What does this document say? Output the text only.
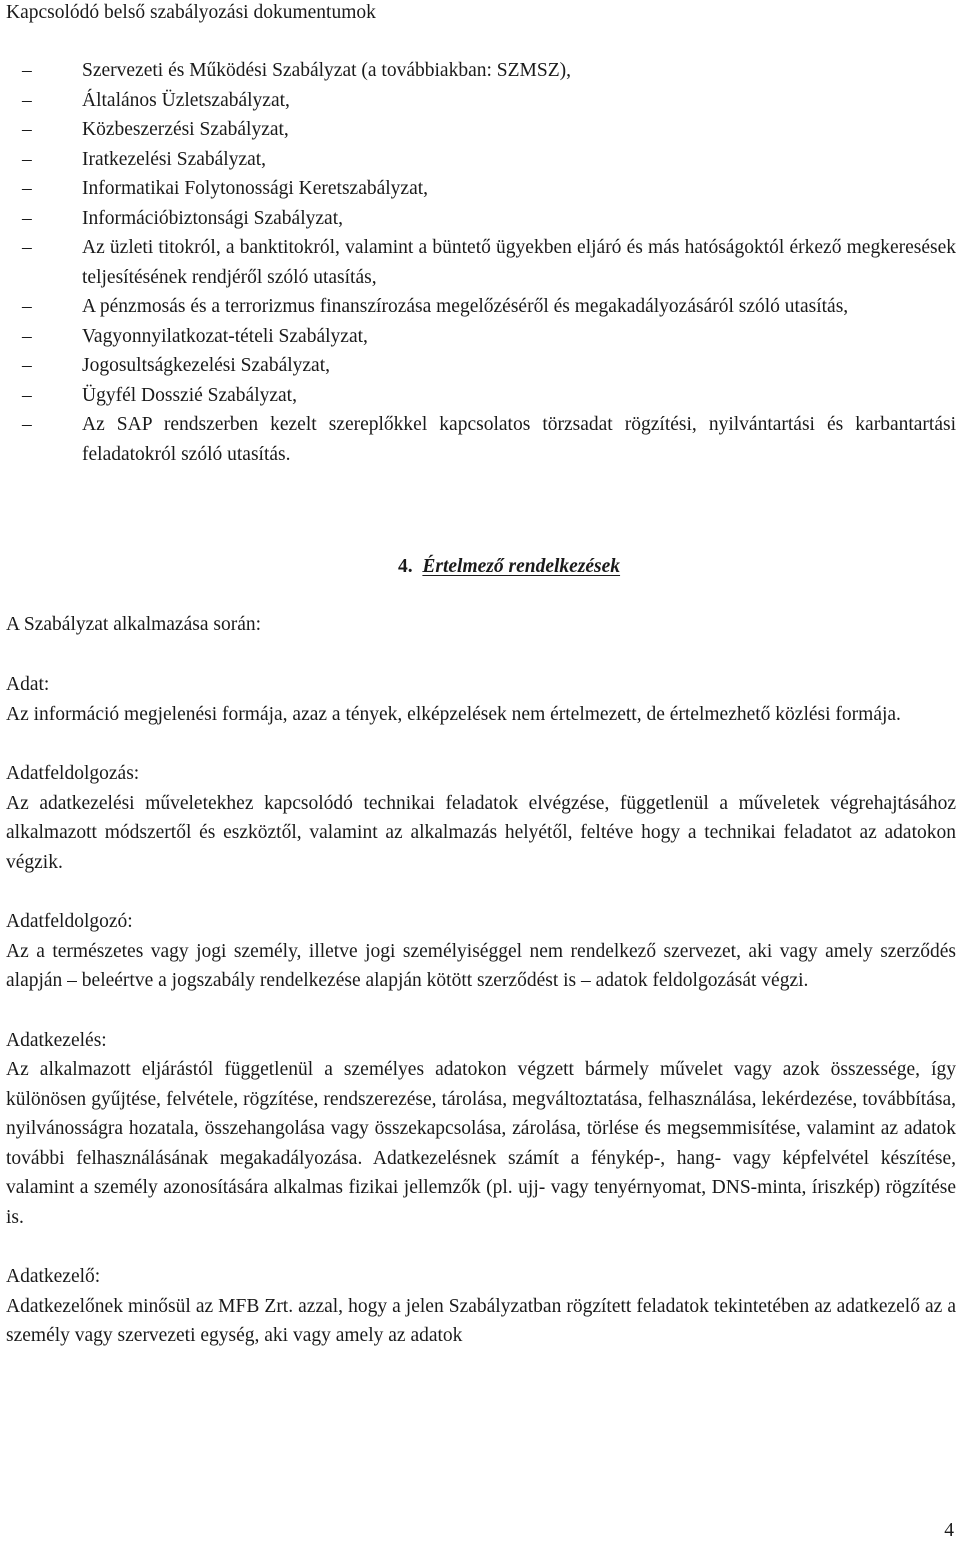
Kapcsolódó belső szabályozási dokumentumok
–	Szervezeti és Működési Szabályzat (a továbbiakban: SZMSZ),
–	Általános Üzletszabályzat,
–	Közbeszerzési Szabályzat,
–	Iratkezelési Szabályzat,
–	Informatikai Folytonossági Keretszabályzat,
–	Információbiztonsági Szabályzat,
–	Az üzleti titokról, a banktitokról, valamint a büntető ügyekben eljáró és más hatóságoktól érkező megkeresések teljesítésének rendjéről szóló utasítás,
–	A pénzmosás és a terrorizmus finanszírozása megelőzéséről és megakadályozásáról szóló utasítás,
–	Vagyonnyilatkozat-tételi Szabályzat,
–	Jogosultságkezelési Szabályzat,
–	Ügyfél Dosszié Szabályzat,
–	Az SAP rendszerben kezelt szereplőkkel kapcsolatos törzsadat rögzítési, nyilvántartási és karbantartási feladatokról szóló utasítás.
4. Értelmező rendelkezések

A Szabályzat alkalmazása során:

Adat:
Az információ megjelenési formája, azaz a tények, elképzelések nem értelmezett, de értelmezhető közlési formája.
Adatfeldolgozás:
Az adatkezelési műveletekhez kapcsolódó technikai feladatok elvégzése, függetlenül a műveletek végrehajtásához alkalmazott módszertől és eszköztől, valamint az alkalmazás helyétől, feltéve hogy a technikai feladatot az adatokon végzik.
Adatfeldolgozó:
Az a természetes vagy jogi személy, illetve jogi személyiséggel nem rendelkező szervezet, aki vagy amely szerződés alapján – beleértve a jogszabály rendelkezése alapján kötött szerződést is – adatok feldolgozását végzi.
Adatkezelés:
Az alkalmazott eljárástól függetlenül a személyes adatokon végzett bármely művelet vagy azok összessége, így különösen gyűjtése, felvétele, rögzítése, rendszerezése, tárolása, megváltoztatása, felhasználása, lekérdezése, továbbítása, nyilvánosságra hozatala, összehangolása vagy összekapcsolása, zárolása, törlése és megsemmisítése, valamint az adatok további felhasználásának megakadályozása. Adatkezelésnek számít a fénykép-, hang- vagy képfelvétel készítése, valamint a személy azonosítására alkalmas fizikai jellemzők (pl. ujj- vagy tenyérnyomat, DNS-minta, íriszkép) rögzítése is.
Adatkezelő:
Adatkezelőnek minősül az MFB Zrt. azzal, hogy a jelen Szabályzatban rögzített feladatok tekintetében az adatkezelő az a személy vagy szervezeti egység, aki vagy amely az adatok

4
